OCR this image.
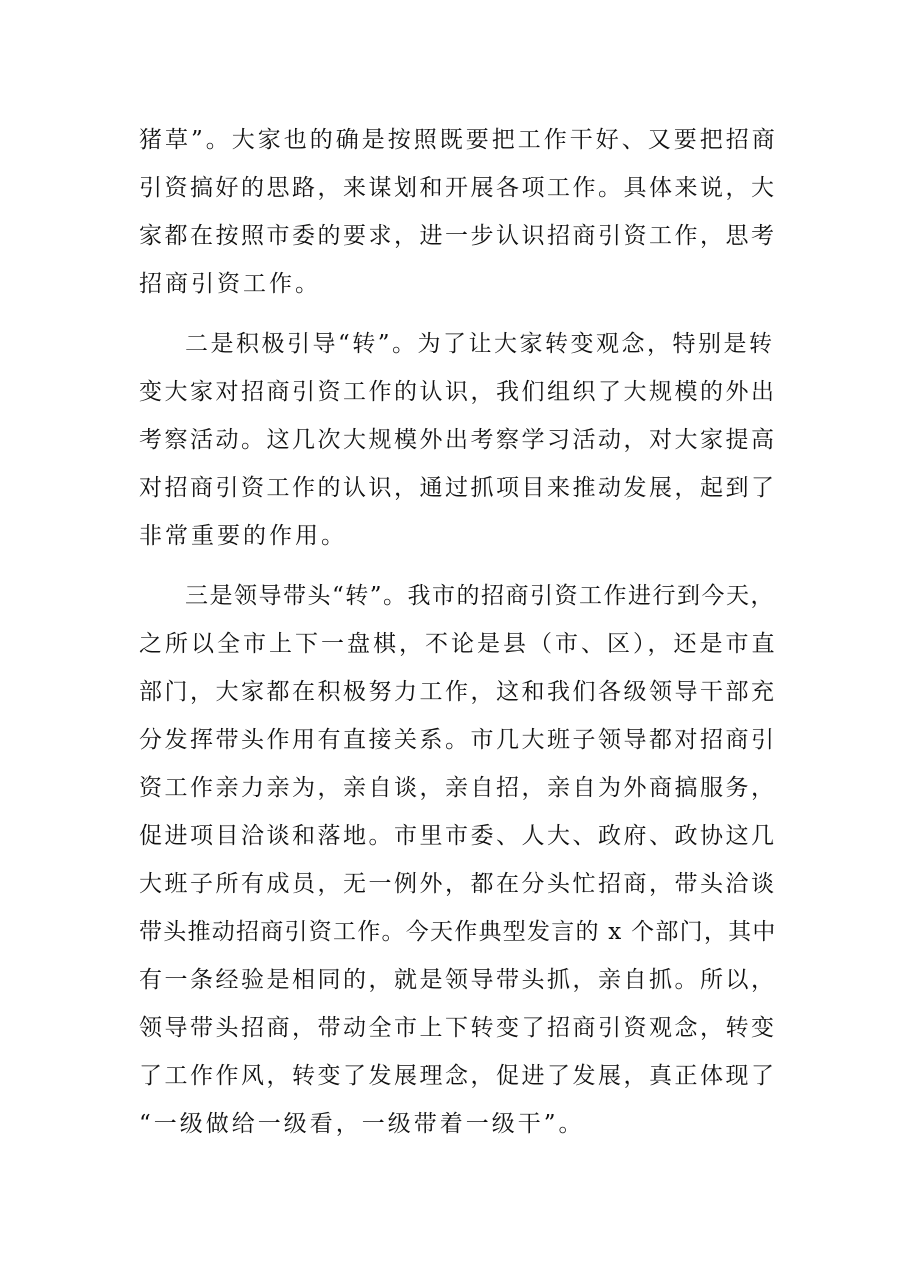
猪草”。大家也的确是按照既要把工作干好、又要把招商
引资搞好的思路，来谋划和开展各项工作。具体来说，大
家都在按照市委的要求，进一步认识招商引资工作，思考
招商引资工作。
二是积极引导“转”。为了让大家转变观念，特别是转
变大家对招商引资工作的认识，我们组织了大规模的外出
考察活动。这几次大规模外出考察学习活动，对大家提高
对招商引资工作的认识，通过抓项目来推动发展，起到了
非常重要的作用。
三是领导带头“转”。我市的招商引资工作进行到今天，
之所以全市上下一盘棋，不论是县（市、区），还是市直
部门，大家都在积极努力工作，这和我们各级领导干部充
分发挥带头作用有直接关系。市几大班子领导都对招商引
资工作亲力亲为，亲自谈，亲自招，亲自为外商搞服务，
促进项目洽谈和落地。市里市委、人大、政府、政协这几
大班子所有成员，无一例外，都在分头忙招商，带头洽谈
带头推动招商引资工作。今天作典型发言的 x 个部门，其中
有一条经验是相同的，就是领导带头抓，亲自抓。所以，
领导带头招商，带动全市上下转变了招商引资观念，转变
了工作作风，转变了发展理念，促进了发展，真正体现了
“一级做给一级看，一级带着一级干”。
